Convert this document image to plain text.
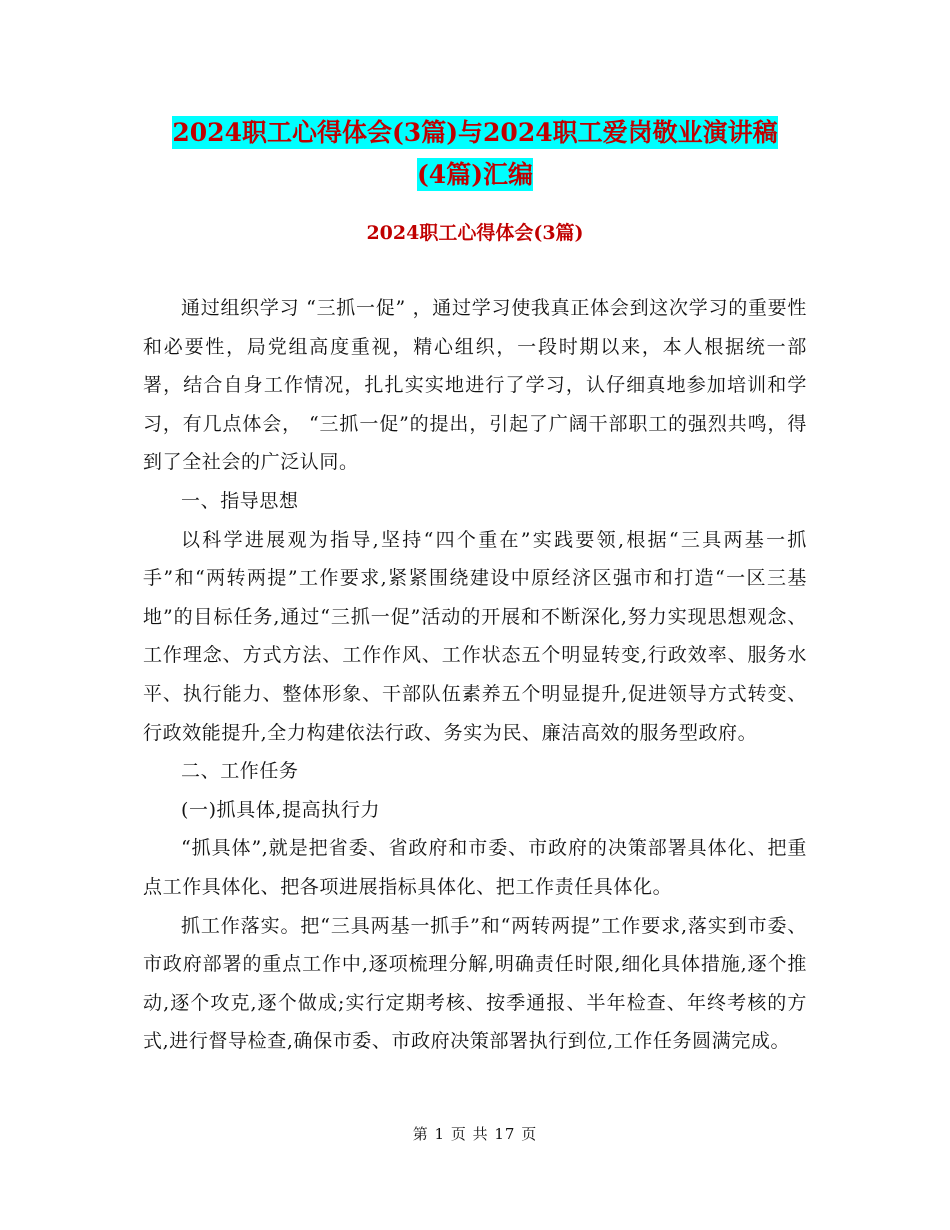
2024职工心得体会(3篇)与2024职工爱岗敬业演讲稿
(4篇)汇编
2024职工心得体会(3篇)

通过组织学习 “三抓一促” ，通过学习使我真正体会到这次学习的重要性和必要性，局党组高度重视，精心组织，一段时期以来，本人根据统一部署，结合自身工作情况，扎扎实实地进行了学习，认仔细真地参加培训和学习，有几点体会， “三抓一促”的提出，引起了广阔干部职工的强烈共鸣，得到了全社会的广泛认同。

一、指导思想

以科学进展观为指导,坚持“四个重在”实践要领,根据“三具两基一抓手”和“两转两提”工作要求,紧紧围绕建设中原经济区强市和打造“一区三基地”的目标任务,通过“三抓一促”活动的开展和不断深化,努力实现思想观念、工作理念、方式方法、工作作风、工作状态五个明显转变,行政效率、服务水平、执行能力、整体形象、干部队伍素养五个明显提升,促进领导方式转变、行政效能提升,全力构建依法行政、务实为民、廉洁高效的服务型政府。

二、工作任务

(一)抓具体,提高执行力

“抓具体”,就是把省委、省政府和市委、市政府的决策部署具体化、把重点工作具体化、把各项进展指标具体化、把工作责任具体化。

抓工作落实。把“三具两基一抓手”和“两转两提”工作要求,落实到市委、市政府部署的重点工作中,逐项梳理分解,明确责任时限,细化具体措施,逐个推动,逐个攻克,逐个做成;实行定期考核、按季通报、半年检查、年终考核的方式,进行督导检查,确保市委、市政府决策部署执行到位,工作任务圆满完成。

第 1 页 共 17 页
